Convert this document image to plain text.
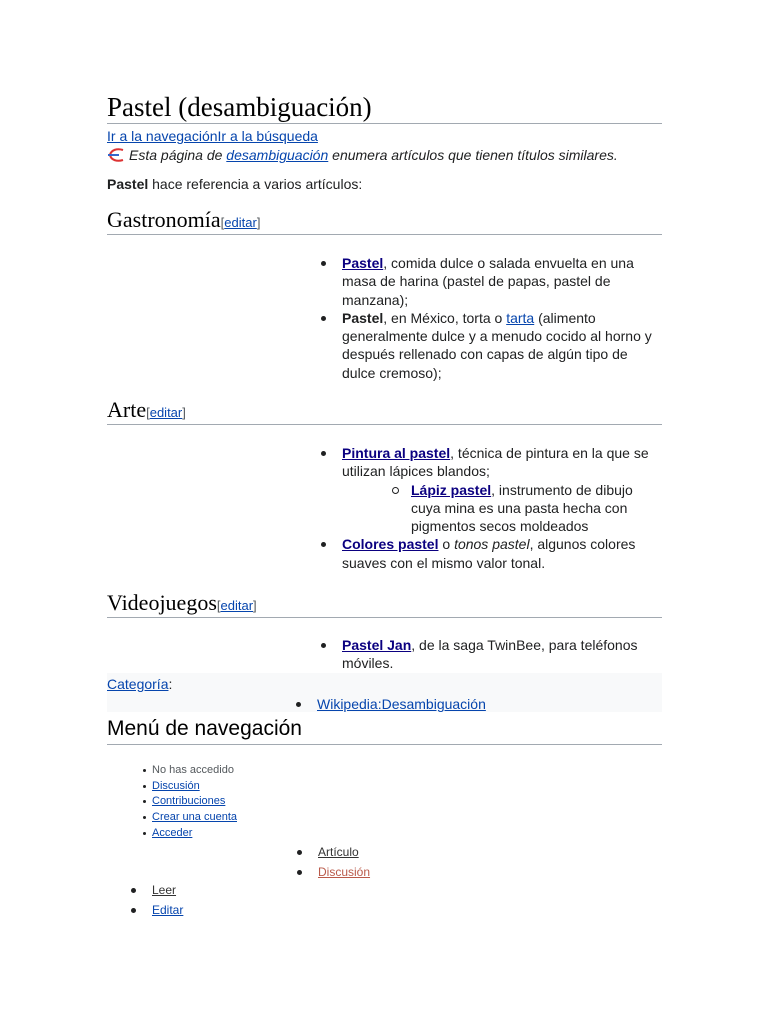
Pastel (desambiguación)
Ir a la navegaciónIr a la búsqueda
Esta página de desambiguación enumera artículos que tienen títulos similares.
Pastel hace referencia a varios artículos:
Gastronomía[editar]
Pastel, comida dulce o salada envuelta en una masa de harina (pastel de papas, pastel de manzana);
Pastel, en México, torta o tarta (alimento generalmente dulce y a menudo cocido al horno y después rellenado con capas de algún tipo de dulce cremoso);
Arte[editar]
Pintura al pastel, técnica de pintura en la que se utilizan lápices blandos;
Lápiz pastel, instrumento de dibujo cuya mina es una pasta hecha con pigmentos secos moldeados
Colores pastel o tonos pastel, algunos colores suaves con el mismo valor tonal.
Videojuegos[editar]
Pastel Jan, de la saga TwinBee, para teléfonos móviles.
Categoría:
Wikipedia:Desambiguación
Menú de navegación
No has accedido
Discusión
Contribuciones
Crear una cuenta
Acceder
Artículo
Discusión
Leer
Editar
